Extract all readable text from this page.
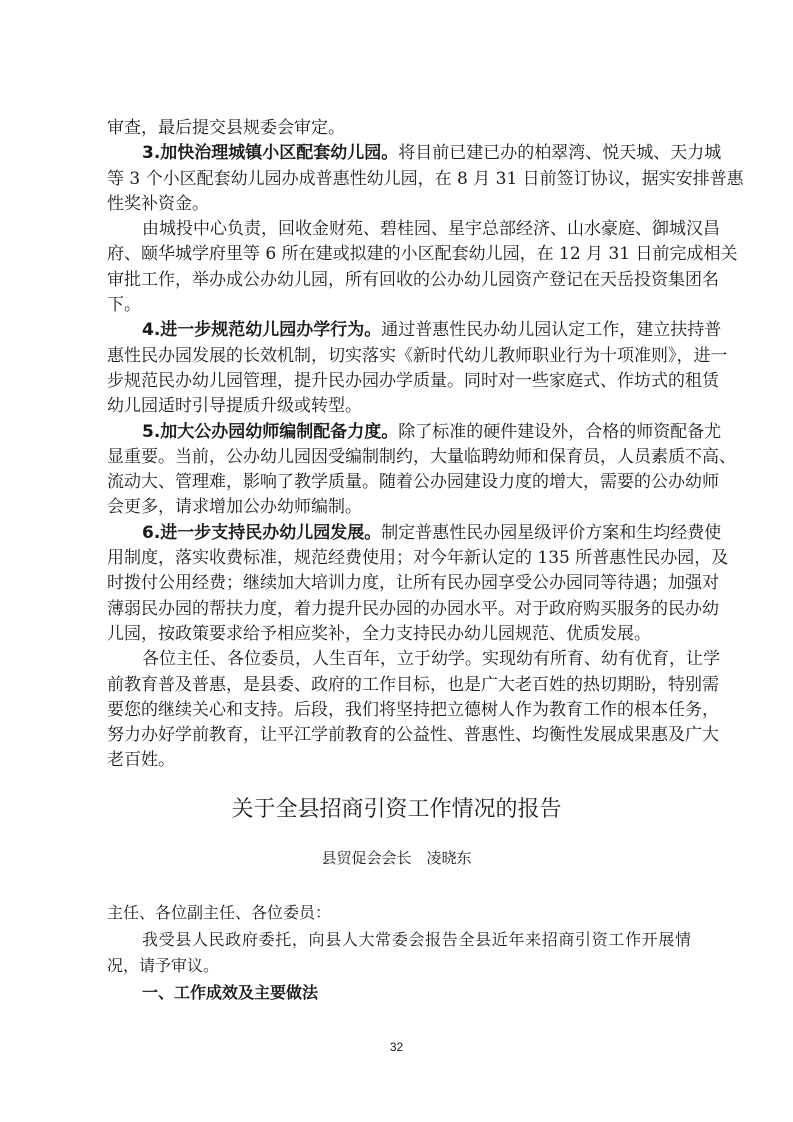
审查，最后提交县规委会审定。
3.加快治理城镇小区配套幼儿园。将目前已建已办的柏翠湾、悦天城、天力城
等 3 个小区配套幼儿园办成普惠性幼儿园，在 8 月 31 日前签订协议，据实安排普惠
性奖补资金。
由城投中心负责，回收金财苑、碧桂园、星宇总部经济、山水豪庭、御城汉昌
府、颐华城学府里等 6 所在建或拟建的小区配套幼儿园，在 12 月 31 日前完成相关
审批工作，举办成公办幼儿园，所有回收的公办幼儿园资产登记在天岳投资集团名
下。
4.进一步规范幼儿园办学行为。通过普惠性民办幼儿园认定工作，建立扶持普
惠性民办园发展的长效机制，切实落实《新时代幼儿教师职业行为十项准则》，进一
步规范民办幼儿园管理，提升民办园办学质量。同时对一些家庭式、作坊式的租赁
幼儿园适时引导提质升级或转型。
5.加大公办园幼师编制配备力度。除了标准的硬件建设外，合格的师资配备尤
显重要。当前，公办幼儿园因受编制制约，大量临聘幼师和保育员，人员素质不高、
流动大、管理难，影响了教学质量。随着公办园建设力度的增大，需要的公办幼师
会更多，请求增加公办幼师编制。
6.进一步支持民办幼儿园发展。制定普惠性民办园星级评价方案和生均经费使
用制度，落实收费标准，规范经费使用；对今年新认定的 135 所普惠性民办园，及
时拨付公用经费；继续加大培训力度，让所有民办园享受公办园同等待遇；加强对
薄弱民办园的帮扶力度，着力提升民办园的办园水平。对于政府购买服务的民办幼
儿园，按政策要求给予相应奖补，全力支持民办幼儿园规范、优质发展。
各位主任、各位委员，人生百年，立于幼学。实现幼有所育、幼有优育，让学
前教育普及普惠，是县委、政府的工作目标，也是广大老百姓的热切期盼，特别需
要您的继续关心和支持。后段，我们将坚持把立德树人作为教育工作的根本任务，
努力办好学前教育，让平江学前教育的公益性、普惠性、均衡性发展成果惠及广大
老百姓。
关于全县招商引资工作情况的报告
县贸促会会长　凌晓东
主任、各位副主任、各位委员：
我受县人民政府委托，向县人大常委会报告全县近年来招商引资工作开展情
况，请予审议。
一、工作成效及主要做法
32
